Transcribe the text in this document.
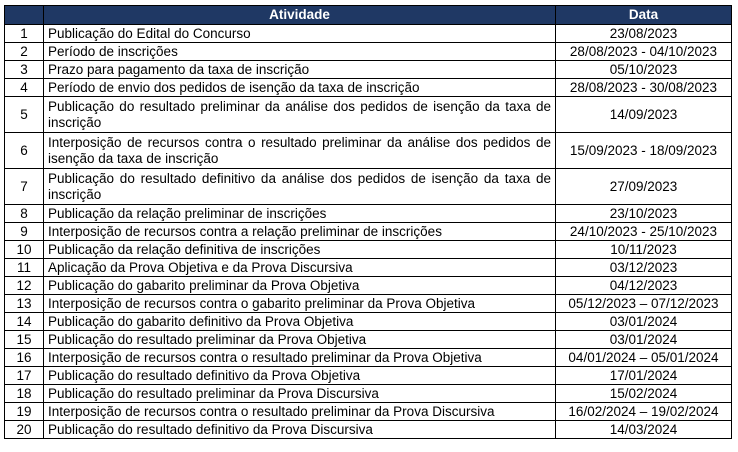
	Atividade	Data
1	Publicação do Edital do Concurso	23/08/2023
2	Período de inscrições	28/08/2023 - 04/10/2023
3	Prazo para pagamento da taxa de inscrição	05/10/2023
4	Período de envio dos pedidos de isenção da taxa de inscrição	28/08/2023 - 30/08/2023
5	Publicação do resultado preliminar da análise dos pedidos de isenção da taxa de inscrição	14/09/2023
6	Interposição de recursos contra o resultado preliminar da análise dos pedidos de isenção da taxa de inscrição	15/09/2023 - 18/09/2023
7	Publicação do resultado definitivo da análise dos pedidos de isenção da taxa de inscrição	27/09/2023
8	Publicação da relação preliminar de inscrições	23/10/2023
9	Interposição de recursos contra a relação preliminar de inscrições	24/10/2023 - 25/10/2023
10	Publicação da relação definitiva de inscrições	10/11/2023
11	Aplicação da Prova Objetiva e da Prova Discursiva	03/12/2023
12	Publicação do gabarito preliminar da Prova Objetiva	04/12/2023
13	Interposição de recursos contra o gabarito preliminar da Prova Objetiva	05/12/2023 – 07/12/2023
14	Publicação do gabarito definitivo da Prova Objetiva	03/01/2024
15	Publicação do resultado preliminar da Prova Objetiva	03/01/2024
16	Interposição de recursos contra o resultado preliminar da Prova Objetiva	04/01/2024 – 05/01/2024
17	Publicação do resultado definitivo da Prova Objetiva	17/01/2024
18	Publicação do resultado preliminar da Prova Discursiva	15/02/2024
19	Interposição de recursos contra o resultado preliminar da Prova Discursiva	16/02/2024 – 19/02/2024
20	Publicação do resultado definitivo da Prova Discursiva	14/03/2024
